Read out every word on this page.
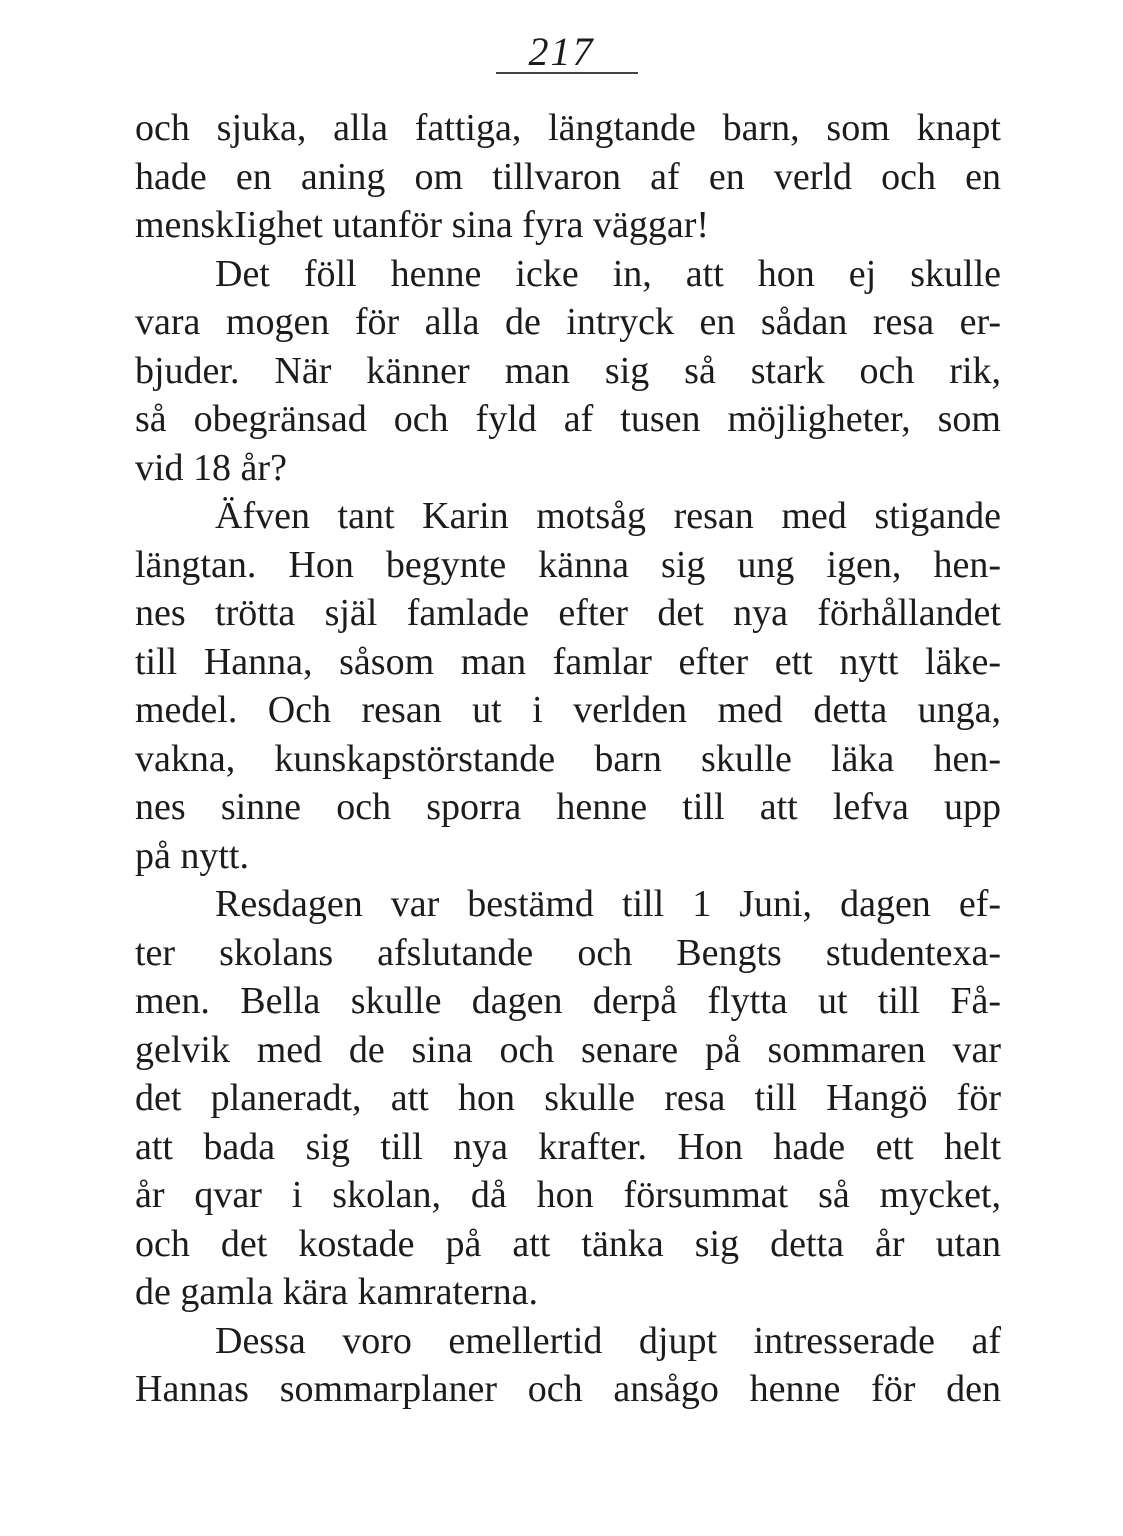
217
och sjuka, alla fattiga, längtande barn, som knapt
hade en aning om tillvaron af en verld och en
menskIighet utanför sina fyra väggar!
Det föll henne icke in, att hon ej skulle
vara mogen för alla de intryck en sådan resa er-
bjuder. När känner man sig så stark och rik,
så obegränsad och fyld af tusen möjligheter, som
vid 18 år?
Äfven tant Karin motsåg resan med stigande
längtan. Hon begynte känna sig ung igen, hen-
nes trötta själ famlade efter det nya förhållandet
till Hanna, såsom man famlar efter ett nytt läke-
medel. Och resan ut i verlden med detta unga,
vakna, kunskapstörstande barn skulle läka hen-
nes sinne och sporra henne till att lefva upp
på nytt.
Resdagen var bestämd till 1 Juni, dagen ef-
ter skolans afslutande och Bengts studentexa-
men. Bella skulle dagen derpå flytta ut till Få-
gelvik med de sina och senare på sommaren var
det planeradt, att hon skulle resa till Hangö för
att bada sig till nya krafter. Hon hade ett helt
år qvar i skolan, då hon försummat så mycket,
och det kostade på att tänka sig detta år utan
de gamla kära kamraterna.
Dessa voro emellertid djupt intresserade af
Hannas sommarplaner och ansågo henne för den
